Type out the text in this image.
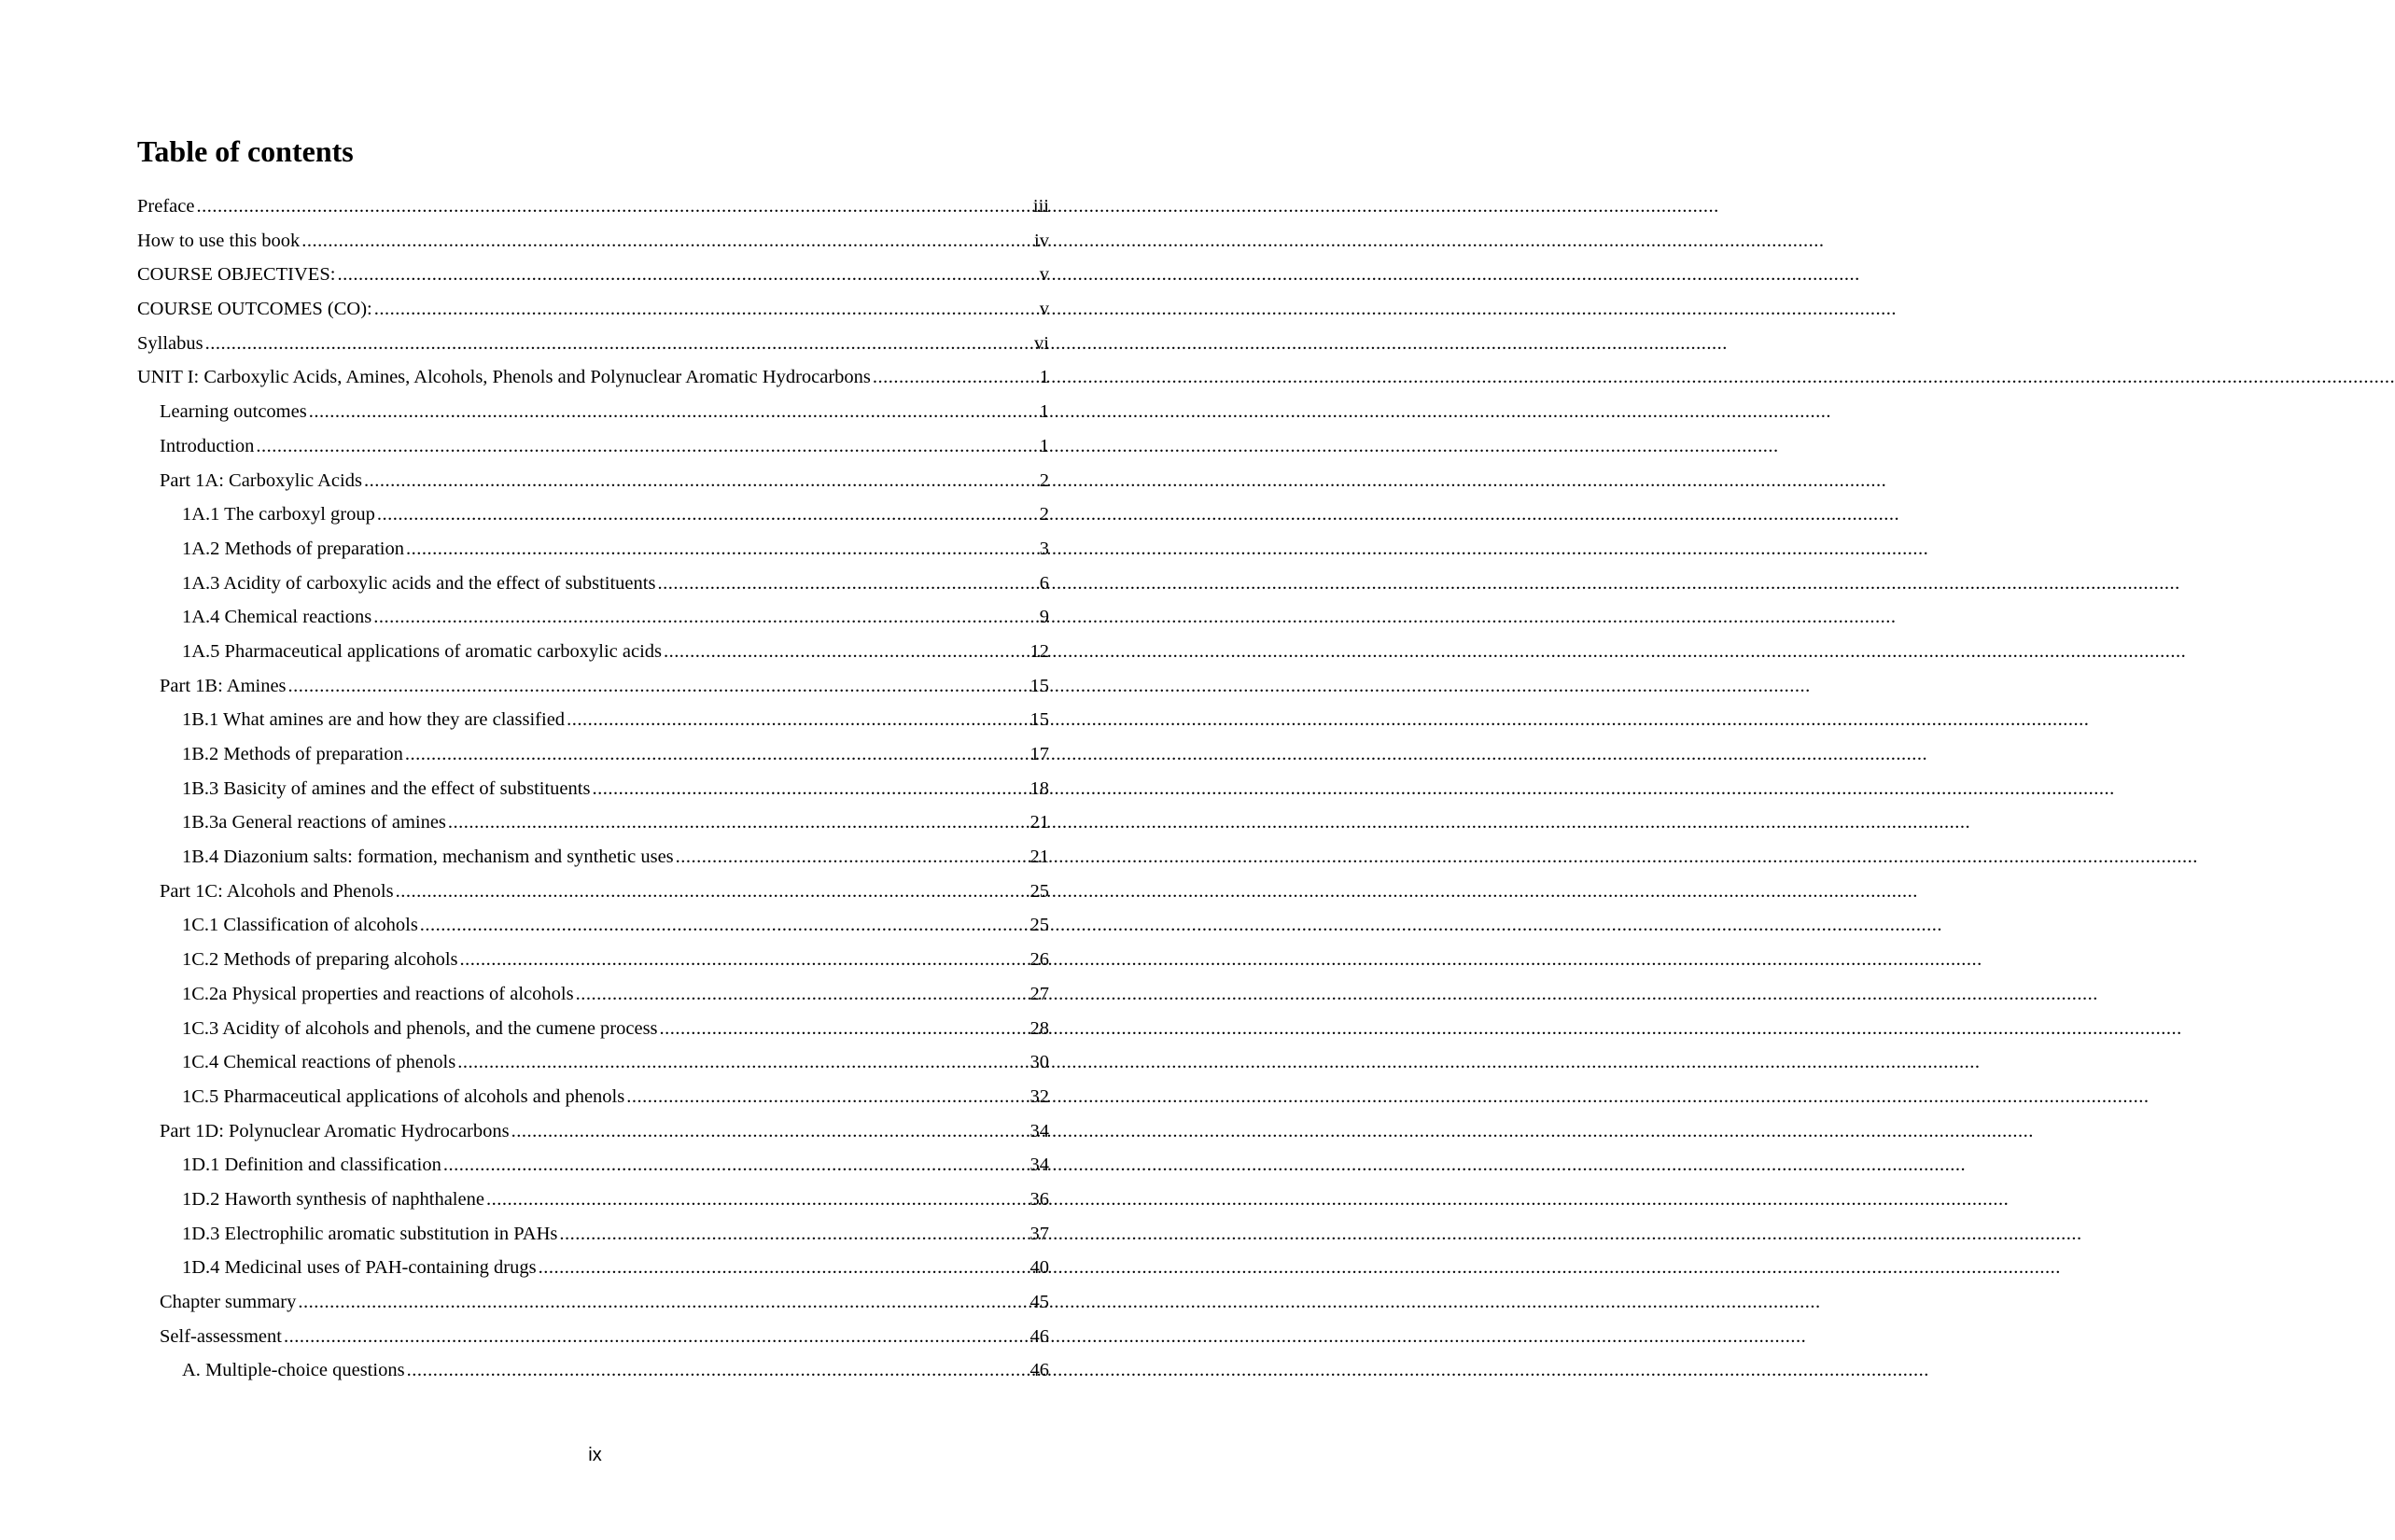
Table of contents
Preface .....	iii
How to use this book .....	iv
COURSE OBJECTIVES: .....	v
COURSE OUTCOMES (CO): .....	v
Syllabus .....	vi
UNIT I: Carboxylic Acids, Amines, Alcohols, Phenols and Polynuclear Aromatic Hydrocarbons .....	1
Learning outcomes .....	1
Introduction .....	1
Part 1A: Carboxylic Acids .....	2
1A.1 The carboxyl group .....	2
1A.2 Methods of preparation .....	3
1A.3 Acidity of carboxylic acids and the effect of substituents .....	6
1A.4 Chemical reactions .....	9
1A.5 Pharmaceutical applications of aromatic carboxylic acids .....	12
Part 1B: Amines .....	15
1B.1 What amines are and how they are classified .....	15
1B.2 Methods of preparation .....	17
1B.3 Basicity of amines and the effect of substituents .....	18
1B.3a General reactions of amines .....	21
1B.4 Diazonium salts: formation, mechanism and synthetic uses .....	21
Part 1C: Alcohols and Phenols .....	25
1C.1 Classification of alcohols .....	25
1C.2 Methods of preparing alcohols .....	26
1C.2a Physical properties and reactions of alcohols .....	27
1C.3 Acidity of alcohols and phenols, and the cumene process .....	28
1C.4 Chemical reactions of phenols .....	30
1C.5 Pharmaceutical applications of alcohols and phenols .....	32
Part 1D: Polynuclear Aromatic Hydrocarbons .....	34
1D.1 Definition and classification .....	34
1D.2 Haworth synthesis of naphthalene .....	36
1D.3 Electrophilic aromatic substitution in PAHs .....	37
1D.4 Medicinal uses of PAH-containing drugs .....	40
Chapter summary .....	45
Self-assessment .....	46
A. Multiple-choice questions .....	46
ix
